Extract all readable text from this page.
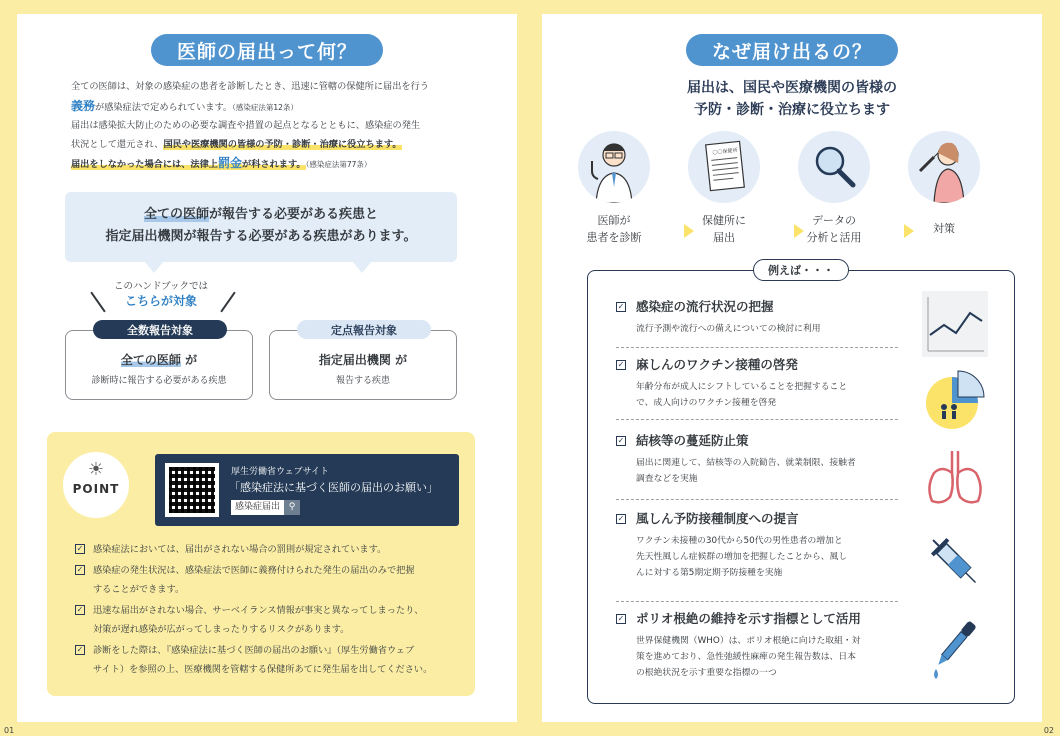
医師の届出って何？

全ての医師は、対象の感染症の患者を診断したとき、迅速に管轄の保健所に届出を行う

義務が感染症法で定められています。（感染症法第12条）

届出は感染拡大防止のための必要な調査や措置の起点となるとともに、感染症の発生

状況として還元され、国民や医療機関の皆様の予防・診断・治療に役立ちます。

届出をしなかった場合には、法律上罰金が科されます。（感染症法第77条）

全ての医師が報告する必要がある疾患と
指定届出機関が報告する必要がある疾患があります。
このハンドブックでは
こちらが対象
全ての医師 が
診断時に報告する必要がある疾患
全数報告対象
指定届出機関 が
報告する疾患
定点報告対象
☀
POINT
厚生労働省ウェブサイト
「感染症法に基づく医師の届出のお願い」
感染症届出 ⚲
✓ 感染症法においては、届出がされない場合の罰則が規定されています。
✓ 感染症の発生状況は、感染症法で医師に義務付けられた発生の届出のみで把握
することができます。
✓ 迅速な届出がされない場合、サーベイランス情報が事実と異なってしまったり、
対策が遅れ感染が広がってしまったりするリスクがあります。
✓ 診断をした際は、『感染症法に基づく医師の届出のお願い』（厚生労働省ウェブ
サイト）を参照の上、医療機関を管轄する保健所あてに発生届を出してください。
01
なぜ届け出るの？
届出は、国民や医療機関の皆様の
予防・診断・治療に役立ちます
医師が
患者を診断
〇〇保健所
保健所に
届出
データの
分析と活用
対策
例えば・・・
✓ 感染症の流行状況の把握
流行予測や流行への備えについての検討に利用
✓ 麻しんのワクチン接種の啓発
年齢分布が成人にシフトしていることを把握すること
で、成人向けのワクチン接種を啓発
✓ 結核等の蔓延防止策
届出に関連して、結核等の入院勧告、就業制限、接触者
調査などを実施
✓ 風しん予防接種制度への提言
ワクチン未接種の30代から50代の男性患者の増加と
先天性風しん症候群の増加を把握したことから、風し
んに対する第5期定期予防接種を実施
✓ ポリオ根絶の維持を示す指標として活用
世界保健機関（WHO）は、ポリオ根絶に向けた取組・対
策を進めており、急性弛緩性麻痺の発生報告数は、日本
の根絶状況を示す重要な指標の一つ
02
